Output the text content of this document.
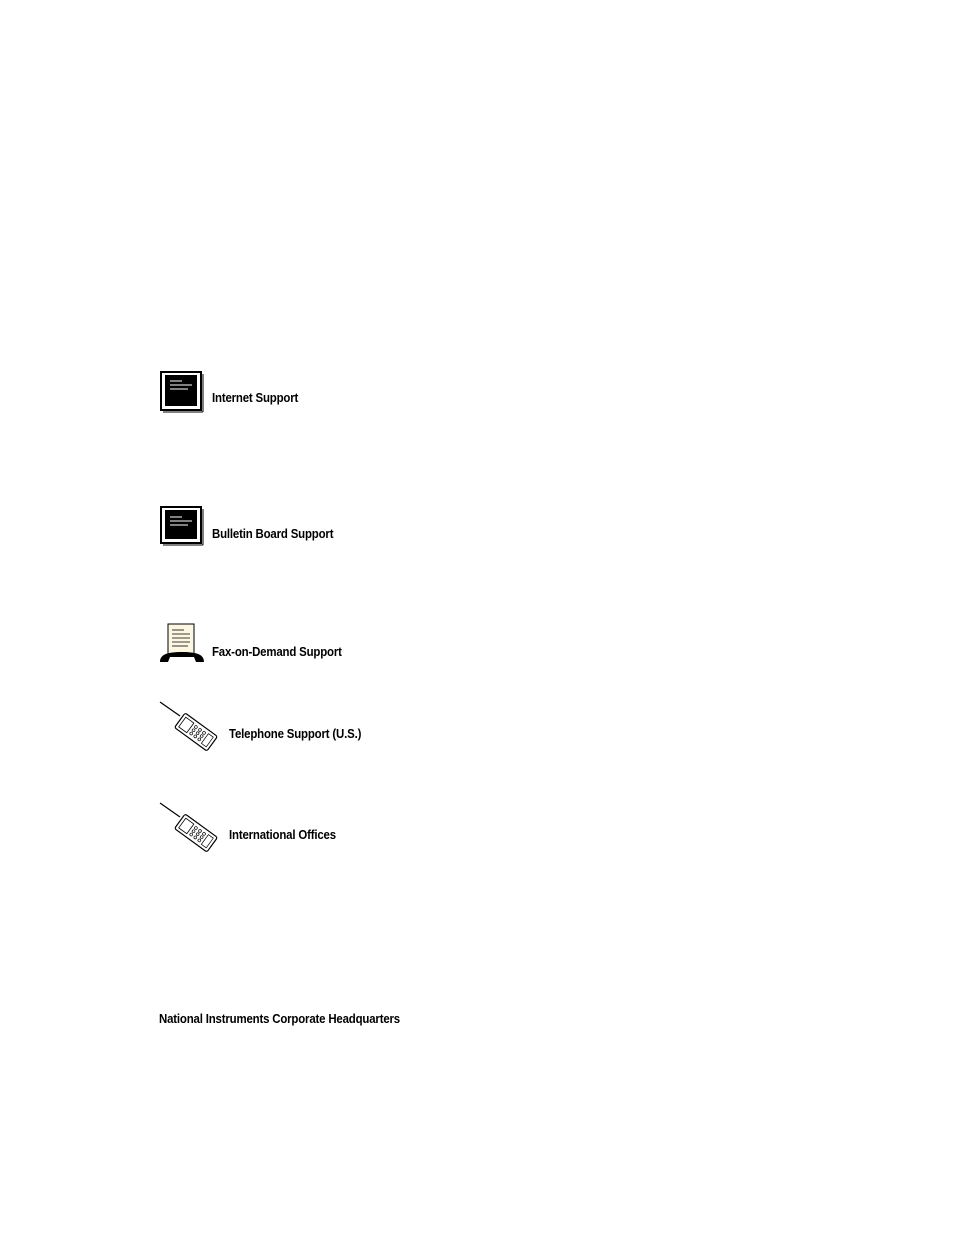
Internet Support
Bulletin Board Support
Fax-on-Demand Support
Telephone Support (U.S.)
International Offices
National Instruments Corporate Headquarters
